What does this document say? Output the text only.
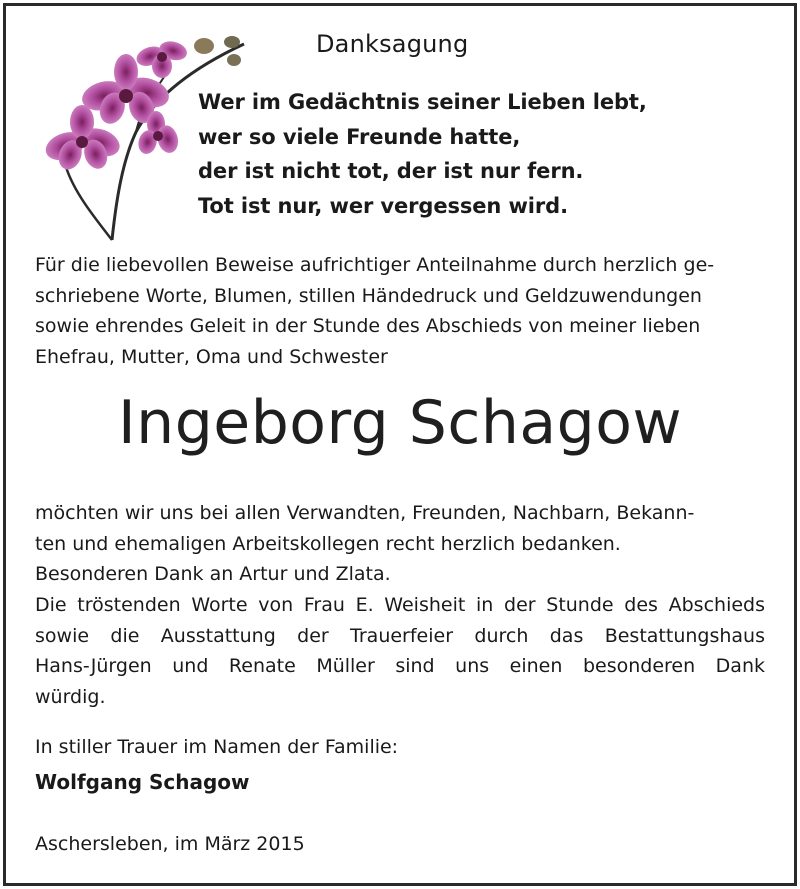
Danksagung
Wer im Gedächtnis seiner Lieben lebt,
wer so viele Freunde hatte,
der ist nicht tot, der ist nur fern.
Tot ist nur, wer vergessen wird.
Für die liebevollen Beweise aufrichtiger Anteilnahme durch herzlich ge-
schriebene Worte, Blumen, stillen Händedruck und Geldzuwendungen
sowie ehrendes Geleit in der Stunde des Abschieds von meiner lieben
Ehefrau, Mutter, Oma und Schwester
Ingeborg Schagow
möchten wir uns bei allen Verwandten, Freunden, Nachbarn, Bekann-
ten und ehemaligen Arbeitskollegen recht herzlich bedanken.
Besonderen Dank an Artur und Zlata.
Die tröstenden Worte von Frau E. Weisheit in der Stunde des Abschieds
sowie die Ausstattung der Trauerfeier durch das Bestattungshaus
Hans-Jürgen und Renate Müller sind uns einen besonderen Dank
würdig.
In stiller Trauer im Namen der Familie:
Wolfgang Schagow
Aschersleben, im März 2015
